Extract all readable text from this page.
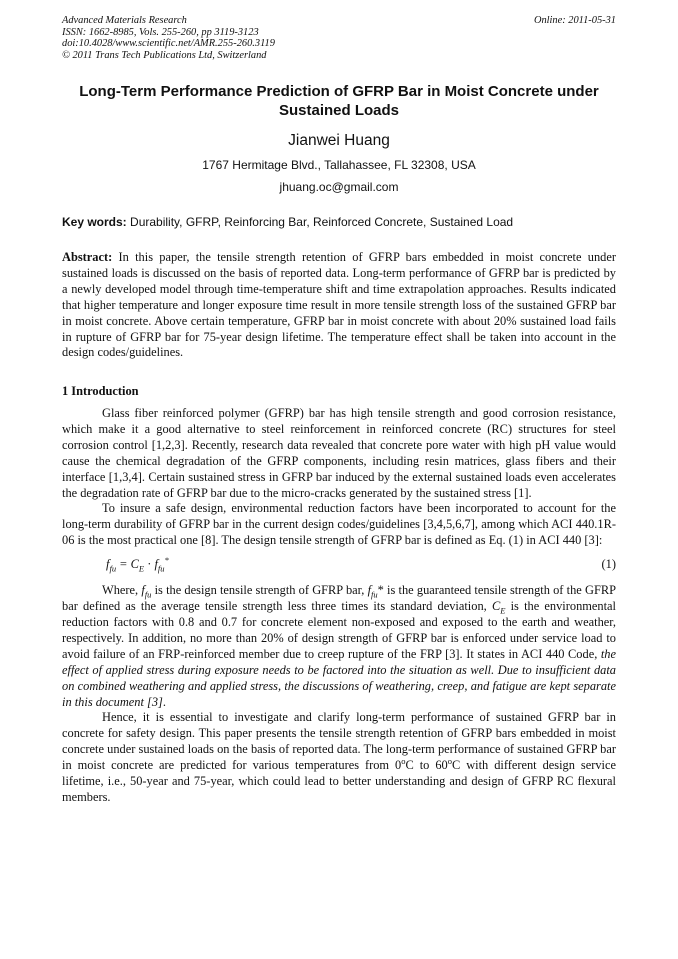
Advanced Materials Research
ISSN: 1662-8985, Vols. 255-260, pp 3119-3123
doi:10.4028/www.scientific.net/AMR.255-260.3119
© 2011 Trans Tech Publications Ltd, Switzerland
Online: 2011-05-31
Long-Term Performance Prediction of GFRP Bar in Moist Concrete under Sustained Loads
Jianwei Huang
1767 Hermitage Blvd., Tallahassee, FL 32308, USA
jhuang.oc@gmail.com
Key words: Durability, GFRP, Reinforcing Bar, Reinforced Concrete, Sustained Load
Abstract: In this paper, the tensile strength retention of GFRP bars embedded in moist concrete under sustained loads is discussed on the basis of reported data. Long-term performance of GFRP bar is predicted by a newly developed model through time-temperature shift and time extrapolation approaches. Results indicated that higher temperature and longer exposure time result in more tensile strength loss of the sustained GFRP bar in moist concrete. Above certain temperature, GFRP bar in moist concrete with about 20% sustained load fails in rupture of GFRP bar for 75-year design lifetime. The temperature effect shall be taken into account in the design codes/guidelines.
1 Introduction

Glass fiber reinforced polymer (GFRP) bar has high tensile strength and good corrosion resistance, which make it a good alternative to steel reinforcement in reinforced concrete (RC) structures for steel corrosion control [1,2,3]. Recently, research data revealed that concrete pore water with high pH value would cause the chemical degradation of the GFRP components, including resin matrices, glass fibers and their interface [1,3,4]. Certain sustained stress in GFRP bar induced by the external sustained loads even accelerates the degradation rate of GFRP bar due to the micro-cracks generated by the sustained stress [1].

To insure a safe design, environmental reduction factors have been incorporated to account for the long-term durability of GFRP bar in the current design codes/guidelines [3,4,5,6,7], among which ACI 440.1R-06 is the most practical one [8]. The design tensile strength of GFRP bar is defined as Eq. (1) in ACI 440 [3]:

$f_{fu} = C_E \cdot f_{fu}^*$	(1)

Where, $f_{fu}$ is the design tensile strength of GFRP bar, $f_{fu}*$ is the guaranteed tensile strength of the GFRP bar defined as the average tensile strength less three times its standard deviation, $C_E$ is the environmental reduction factors with 0.8 and 0.7 for concrete element non-exposed and exposed to the earth and weather, respectively. In addition, no more than 20% of design strength of GFRP bar is enforced under service load to avoid failure of an FRP-reinforced member due to creep rupture of the FRP [3]. It states in ACI 440 Code, the effect of applied stress during exposure needs to be factored into the situation as well. Due to insufficient data on combined weathering and applied stress, the discussions of weathering, creep, and fatigue are kept separate in this document [3].

Hence, it is essential to investigate and clarify long-term performance of sustained GFRP bar in concrete for safety design. This paper presents the tensile strength retention of GFRP bars embedded in moist concrete under sustained loads on the basis of reported data. The long-term performance of sustained GFRP bar in moist concrete are predicted for various temperatures from 0$^o$C to 60$^o$C with different design service lifetime, i.e., 50-year and 75-year, which could lead to better understanding and design of GFRP RC flexural members.
